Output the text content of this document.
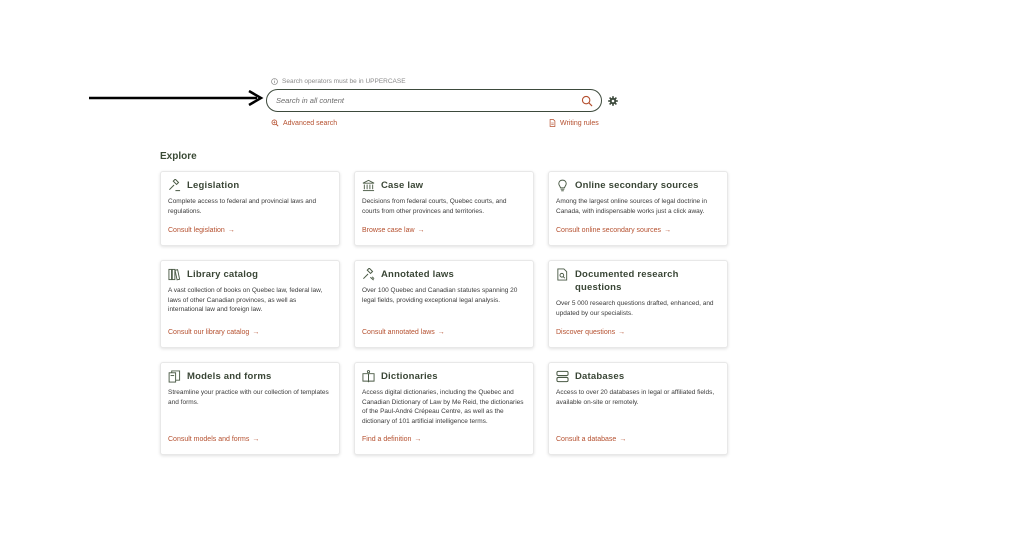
Search operators must be in UPPERCASE
Search in all content
Advanced search	Writing rules
Explore
Legislation
Complete access to federal and provincial laws and regulations.
Consult legislation →
Case law
Decisions from federal courts, Quebec courts, and courts from other provinces and territories.
Browse case law →
Online secondary sources
Among the largest online sources of legal doctrine in Canada, with indispensable works just a click away.
Consult online secondary sources →
Library catalog
A vast collection of books on Quebec law, federal law, laws of other Canadian provinces, as well as international law and foreign law.
Consult our library catalog →
Annotated laws
Over 100 Quebec and Canadian statutes spanning 20 legal fields, providing exceptional legal analysis.
Consult annotated laws →
Documented research questions
Over 5 000 research questions drafted, enhanced, and updated by our specialists.
Discover questions →
Models and forms
Streamline your practice with our collection of templates and forms.
Consult models and forms →
Dictionaries
Access digital dictionaries, including the Quebec and Canadian Dictionary of Law by Me Reid, the dictionaries of the Paul-André Crépeau Centre, as well as the dictionary of 101 artificial intelligence terms.
Find a definition →
Databases
Access to over 20 databases in legal or affiliated fields, available on-site or remotely.
Consult a database →
